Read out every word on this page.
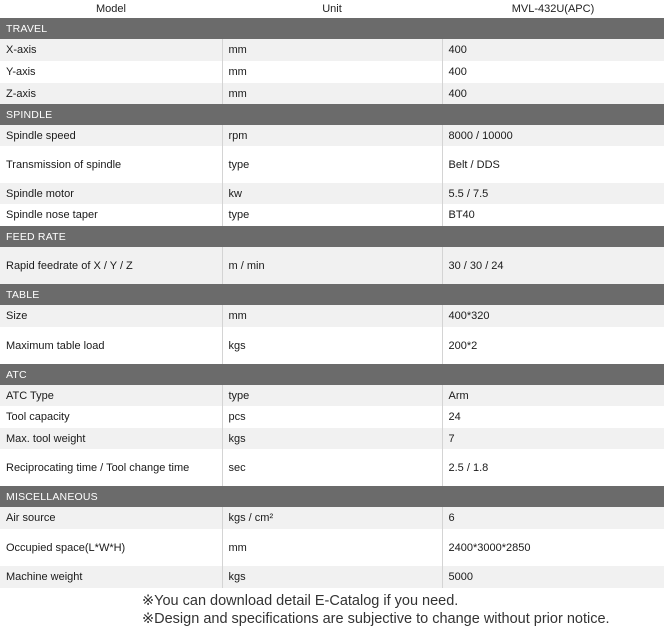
Model	Unit	MVL-432U(APC)
TRAVEL		
X-axis	mm	400
Y-axis	mm	400
Z-axis	mm	400
SPINDLE		
Spindle speed	rpm	8000 / 10000
Transmission of spindle	type	Belt / DDS
Spindle motor	kw	5.5 / 7.5
Spindle nose taper	type	BT40
FEED RATE		
Rapid feedrate of X / Y / Z	m / min	30 / 30 / 24
TABLE		
Size	mm	400*320
Maximum table load	kgs	200*2
ATC		
ATC Type	type	Arm
Tool capacity	pcs	24
Max. tool weight	kgs	7
Reciprocating time / Tool change time	sec	2.5 / 1.8
MISCELLANEOUS		
Air source	kgs / cm²	6
Occupied space(L*W*H)	mm	2400*3000*2850
Machine weight	kgs	5000
※You can download detail E-Catalog if you need.
※Design and specifications are subjective to change without prior notice.
